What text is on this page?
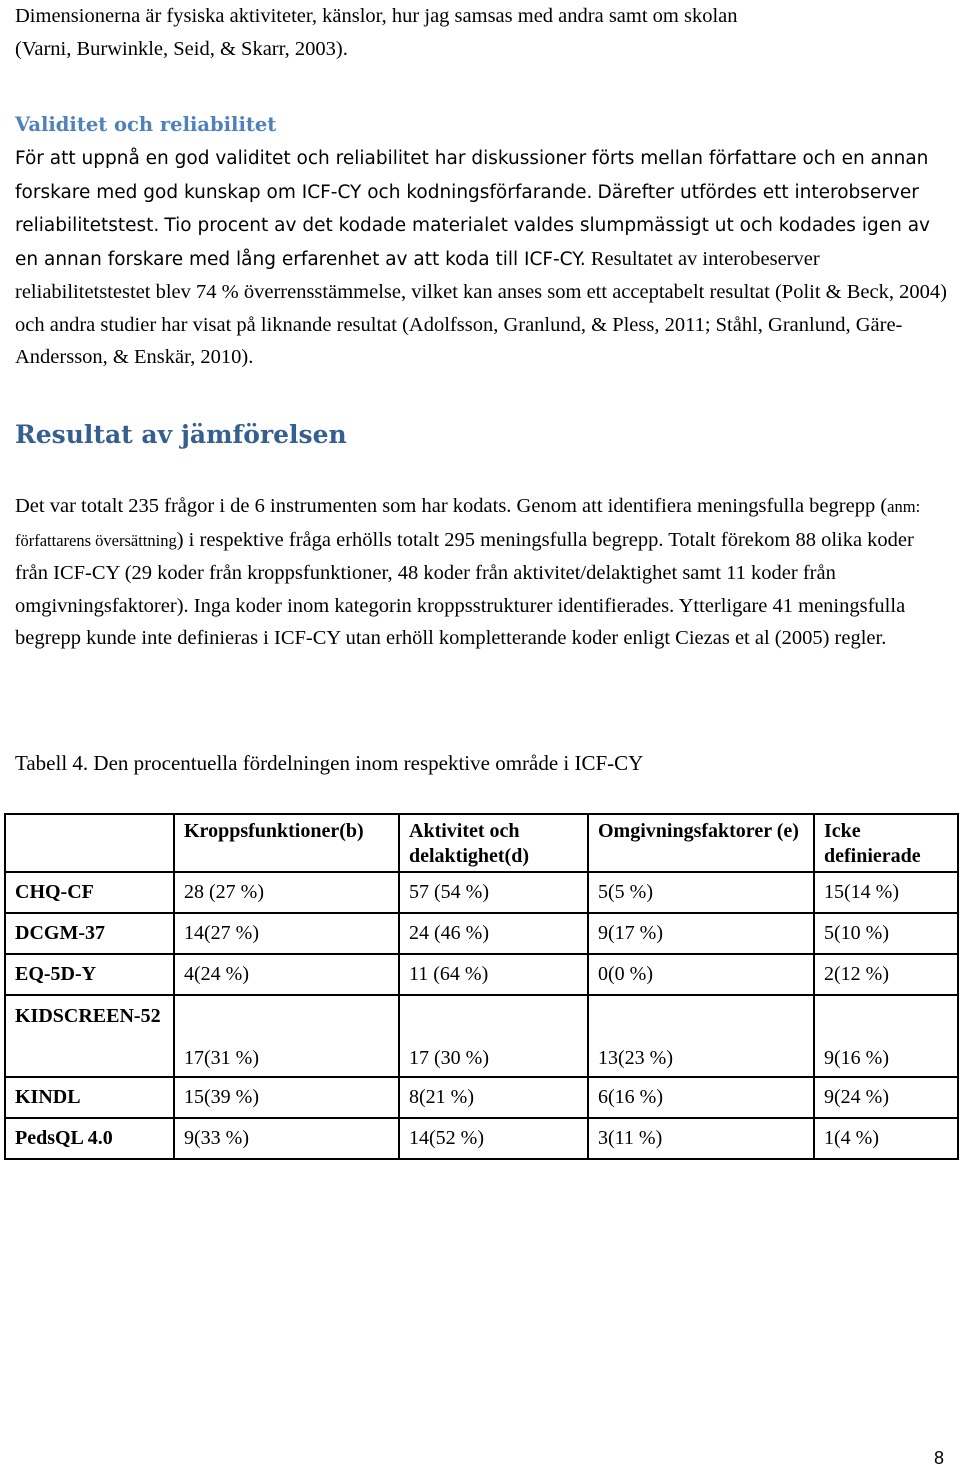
Dimensionerna är fysiska aktiviteter, känslor, hur jag samsas med andra samt om skolan
(Varni, Burwinkle, Seid, & Skarr, 2003).

Validitet och reliabilitet

För att uppnå en god validitet och reliabilitet har diskussioner förts mellan författare och en annan forskare med god kunskap om ICF-CY och kodningsförfarande. Därefter utfördes ett interobserver reliabilitetstest. Tio procent av det kodade materialet valdes slumpmässigt ut och kodades igen av en annan forskare med lång erfarenhet av att koda till ICF-CY. Resultatet av interobeserver reliabilitetstestet blev 74 % överrensstämmelse, vilket kan anses som ett acceptabelt resultat (Polit & Beck, 2004) och andra studier har visat på liknande resultat (Adolfsson, Granlund, & Pless, 2011; Ståhl, Granlund, Gäre-Andersson, & Enskär, 2010).

Resultat av jämförelsen

Det var totalt 235 frågor i de 6 instrumenten som har kodats. Genom att identifiera meningsfulla begrepp (anm: författarens översättning) i respektive fråga erhölls totalt 295 meningsfulla begrepp. Totalt förekom 88 olika koder från ICF-CY (29 koder från kroppsfunktioner, 48 koder från aktivitet/delaktighet samt 11 koder från omgivningsfaktorer). Inga koder inom kategorin kroppsstrukturer identifierades. Ytterligare 41 meningsfulla begrepp kunde inte definieras i ICF-CY utan erhöll kompletterande koder enligt Ciezas et al (2005) regler.

Tabell 4. Den procentuella fördelningen inom respektive område i ICF-CY

	Kroppsfunktioner(b)	Aktivitet och delaktighet(d)	Omgivningsfaktorer (e)	Icke definierade
CHQ-CF	28 (27 %)	57 (54 %)	5(5 %)	15(14 %)
DCGM-37	14(27 %)	24 (46 %)	9(17 %)	5(10 %)
EQ-5D-Y	4(24 %)	11 (64 %)	0(0 %)	2(12 %)
KIDSCREEN-52	17(31 %)	17 (30 %)	13(23 %)	9(16 %)
KINDL	15(39 %)	8(21 %)	6(16 %)	9(24 %)
PedsQL 4.0	9(33 %)	14(52 %)	3(11 %)	1(4 %)

8
